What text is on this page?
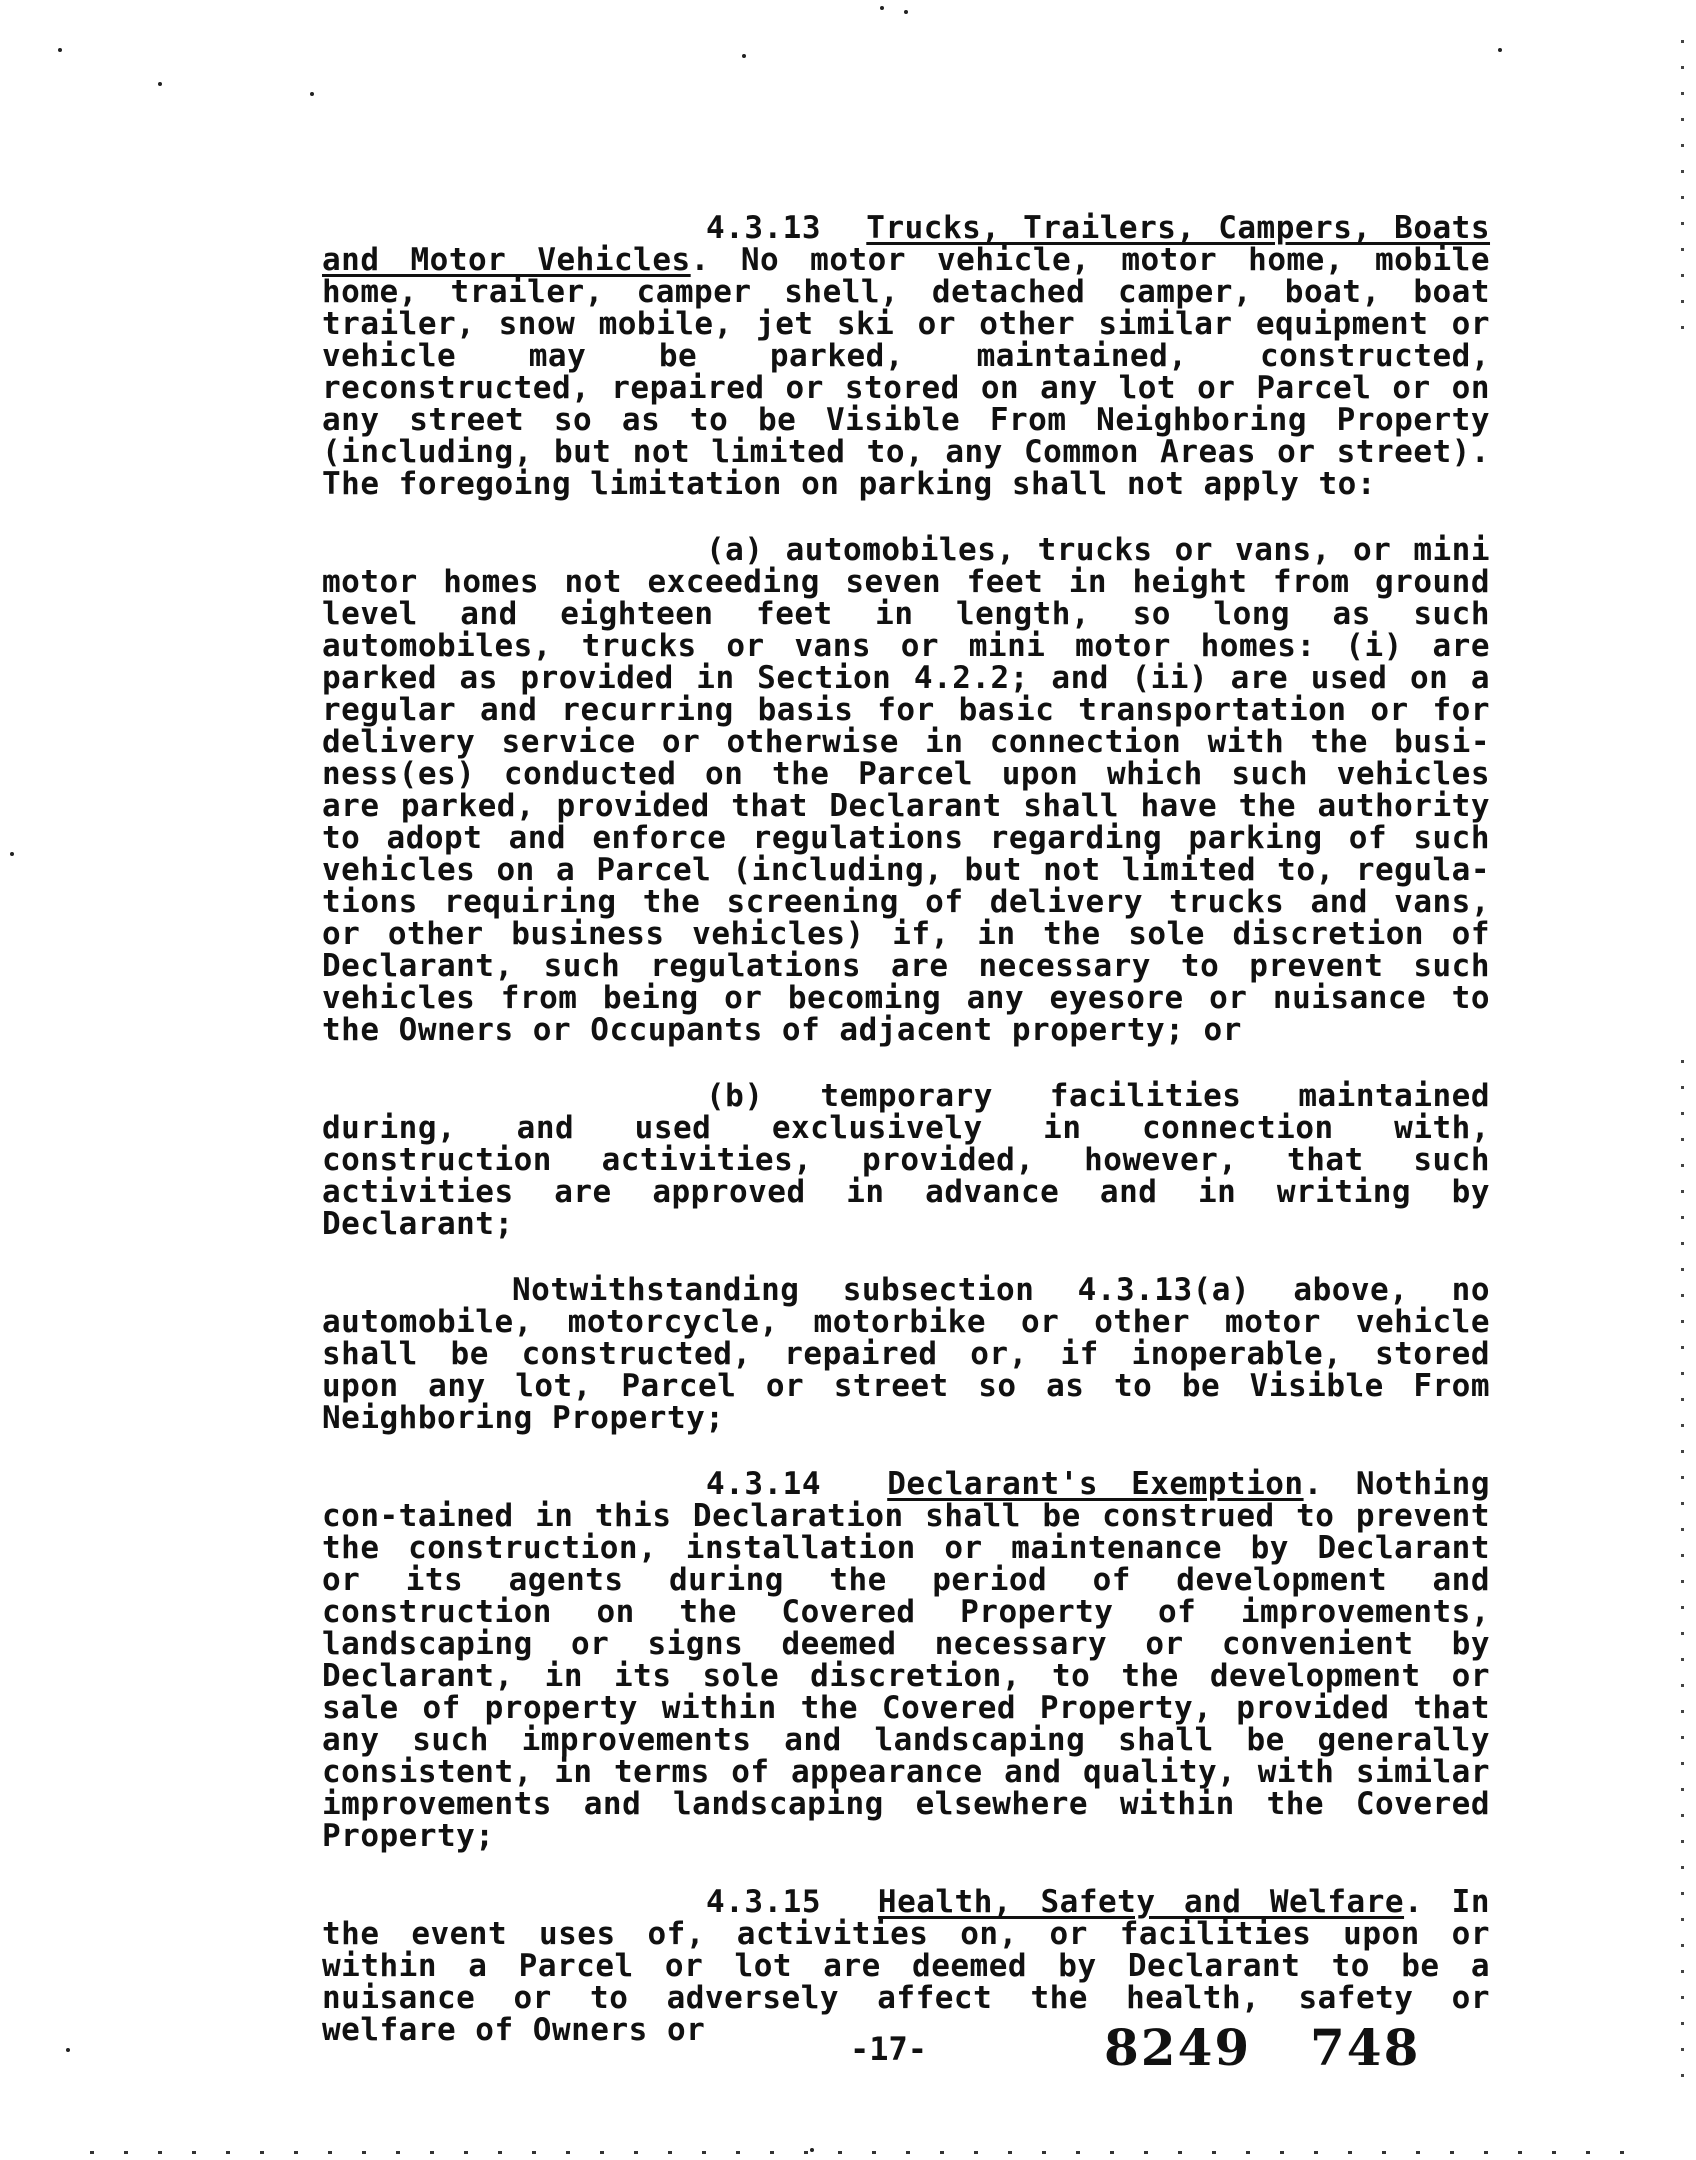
4.3.13 Trucks, Trailers, Campers, Boats and Motor Vehicles. No motor vehicle, motor home, mobile home, trailer, camper shell, detached camper, boat, boat trailer, snow mobile, jet ski or other similar equipment or vehicle may be parked, maintained, constructed, reconstructed, repaired or stored on any lot or Parcel or on any street so as to be Visible From Neighboring Property (including, but not limited to, any Common Areas or street). The foregoing limitation on parking shall not apply to:

(a) automobiles, trucks or vans, or mini motor homes not exceeding seven feet in height from ground level and eighteen feet in length, so long as such automobiles, trucks or vans or mini motor homes: (i) are parked as provided in Section 4.2.2; and (ii) are used on a regular and recurring basis for basic transportation or for delivery service or otherwise in connection with the busi-ness(es) conducted on the Parcel upon which such vehicles are parked, provided that Declarant shall have the authority to adopt and enforce regulations regarding parking of such vehicles on a Parcel (including, but not limited to, regula-tions requiring the screening of delivery trucks and vans, or other business vehicles) if, in the sole discretion of Declarant, such regulations are necessary to prevent such vehicles from being or becoming any eyesore or nuisance to the Owners or Occupants of adjacent property; or

(b) temporary facilities maintained during, and used exclusively in connection with, construction activities, provided, however, that such activities are approved in advance and in writing by Declarant;

Notwithstanding subsection 4.3.13(a) above, no automobile, motorcycle, motorbike or other motor vehicle shall be constructed, repaired or, if inoperable, stored upon any lot, Parcel or street so as to be Visible From Neighboring Property;

4.3.14 Declarant's Exemption. Nothing con-tained in this Declaration shall be construed to prevent the construction, installation or maintenance by Declarant or its agents during the period of development and construction on the Covered Property of improvements, landscaping or signs deemed necessary or convenient by Declarant, in its sole discretion, to the development or sale of property within the Covered Property, provided that any such improvements and landscaping shall be generally consistent, in terms of appearance and quality, with similar improvements and landscaping elsewhere within the Covered Property;

4.3.15 Health, Safety and Welfare. In the event uses of, activities on, or facilities upon or within a Parcel or lot are deemed by Declarant to be a nuisance or to adversely affect the health, safety or welfare of Owners or	-17-	8249 748
